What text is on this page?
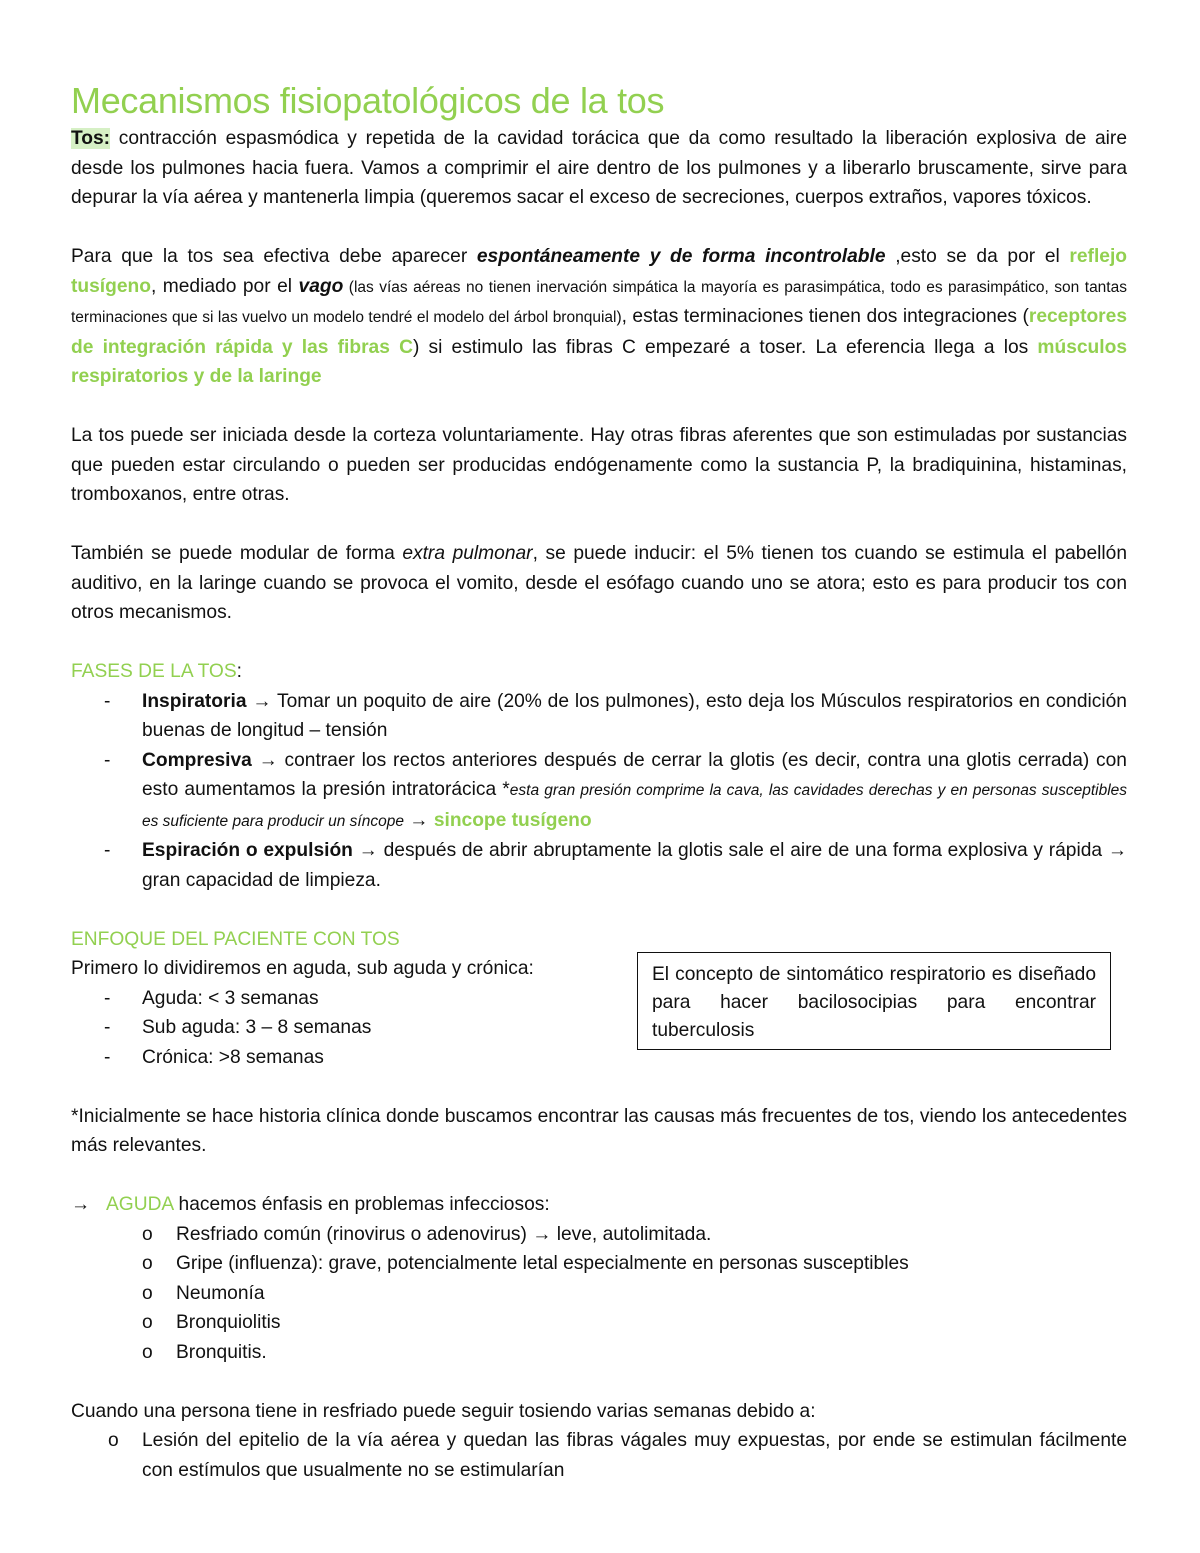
Mecanismos fisiopatológicos de la tos

Tos: contracción espasmódica y repetida de la cavidad torácica que da como resultado la liberación explosiva de aire desde los pulmones hacia fuera. Vamos a comprimir el aire dentro de los pulmones y a liberarlo bruscamente, sirve para depurar la vía aérea y mantenerla limpia (queremos sacar el exceso de secreciones, cuerpos extraños, vapores tóxicos.

Para que la tos sea efectiva debe aparecer espontáneamente y de forma incontrolable ,esto se da por el reflejo tusígeno, mediado por el vago (las vías aéreas no tienen inervación simpática la mayoría es parasimpática, todo es parasimpático, son tantas terminaciones que si las vuelvo un modelo tendré el modelo del árbol bronquial), estas terminaciones tienen dos integraciones (receptores de integración rápida y las fibras C) si estimulo las fibras C empezaré a toser. La eferencia llega a los músculos respiratorios y de la laringe

La tos puede ser iniciada desde la corteza voluntariamente. Hay otras fibras aferentes que son estimuladas por sustancias que pueden estar circulando o pueden ser producidas endógenamente como la sustancia P, la bradiquinina, histaminas, tromboxanos, entre otras.

También se puede modular de forma extra pulmonar, se puede inducir: el 5% tienen tos cuando se estimula el pabellón auditivo, en la laringe cuando se provoca el vomito, desde el esófago cuando uno se atora; esto es para producir tos con otros mecanismos.

FASES DE LA TOS:

- Inspiratoria → Tomar un poquito de aire (20% de los pulmones), esto deja los Músculos respiratorios en condición buenas de longitud – tensión
- Compresiva → contraer los rectos anteriores después de cerrar la glotis (es decir, contra una glotis cerrada) con esto aumentamos la presión intratorácica *esta gran presión comprime la cava, las cavidades derechas y en personas susceptibles es suficiente para producir un síncope → sincope tusígeno
- Espiración o expulsión → después de abrir abruptamente la glotis sale el aire de una forma explosiva y rápida → gran capacidad de limpieza.

ENFOQUE DEL PACIENTE CON TOS

Primero lo dividiremos en aguda, sub aguda y crónica:

- Aguda: < 3 semanas
- Sub aguda: 3 – 8 semanas
- Crónica: >8 semanas

*Inicialmente se hace historia clínica donde buscamos encontrar las causas más frecuentes de tos, viendo los antecedentes más relevantes.

→ AGUDA hacemos énfasis en problemas infecciosos:
o Resfriado común (rinovirus o adenovirus) → leve, autolimitada.
o Gripe (influenza): grave, potencialmente letal especialmente en personas susceptibles
o Neumonía
o Bronquiolitis
o Bronquitis.

Cuando una persona tiene in resfriado puede seguir tosiendo varias semanas debido a:

o Lesión del epitelio de la vía aérea y quedan las fibras vágales muy expuestas, por ende se estimulan fácilmente con estímulos que usualmente no se estimularían
El concepto de sintomático respiratorio es diseñado para hacer bacilosocipias para encontrar tuberculosis
